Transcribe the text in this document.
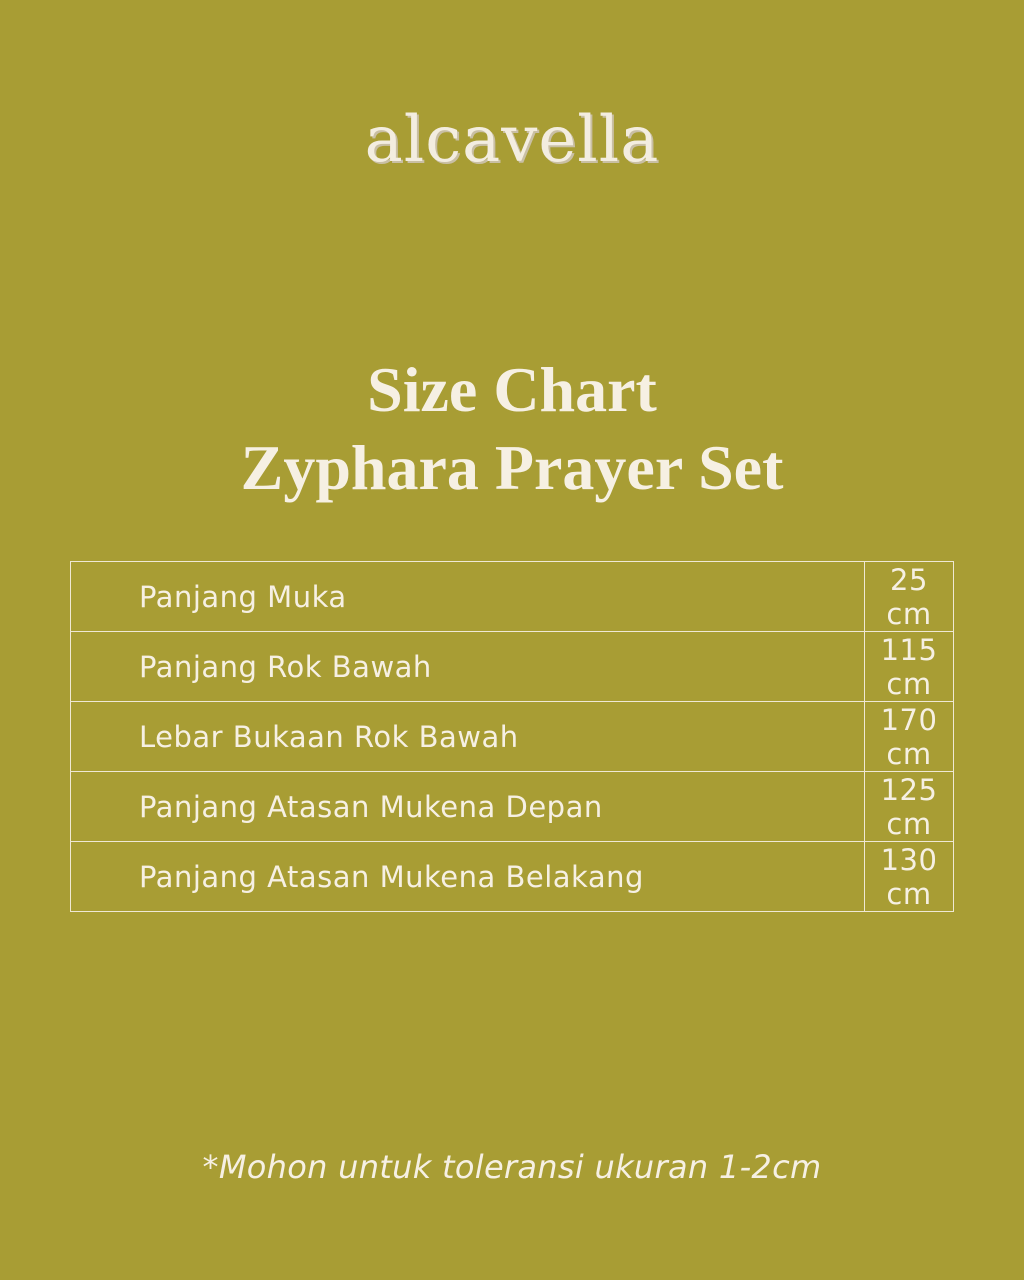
alcavella
Size Chart
Zyphara Prayer Set
Panjang Muka	25 cm
Panjang Rok Bawah	115 cm
Lebar Bukaan Rok Bawah	170 cm
Panjang Atasan Mukena Depan	125 cm
Panjang Atasan Mukena Belakang	130 cm
*Mohon untuk toleransi ukuran 1-2cm
